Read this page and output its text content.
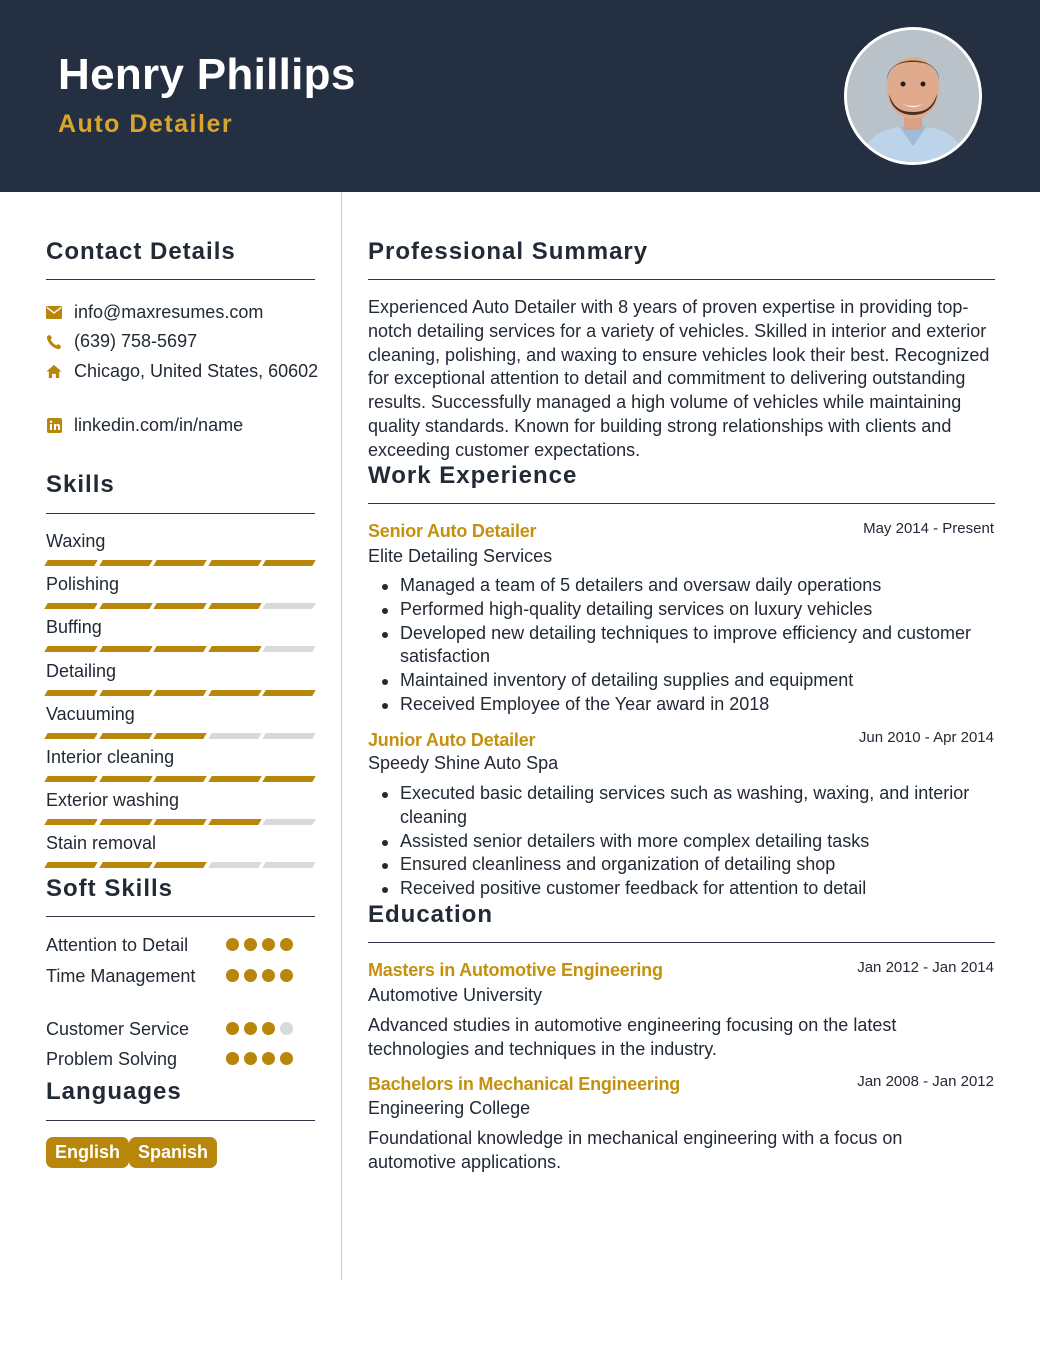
Henry Phillips
Auto Detailer
Contact Details
info@maxresumes.com
(639) 758-5697
Chicago, United States, 60602
linkedin.com/in/name
Skills
Waxing
Polishing
Buffing
Detailing
Vacuuming
Interior cleaning
Exterior washing
Stain removal
Soft Skills
Attention to Detail
Time Management
Customer Service
Problem Solving
Languages
English Spanish
Professional Summary
Experienced Auto Detailer with 8 years of proven expertise in providing top-notch detailing services for a variety of vehicles. Skilled in interior and exterior cleaning, polishing, and waxing to ensure vehicles look their best. Recognized for exceptional attention to detail and commitment to delivering outstanding results. Successfully managed a high volume of vehicles while maintaining quality standards. Known for building strong relationships with clients and exceeding customer expectations.
Work Experience
Senior Auto Detailer	May 2014 - Present
Elite Detailing Services
Managed a team of 5 detailers and oversaw daily operations
Performed high-quality detailing services on luxury vehicles
Developed new detailing techniques to improve efficiency and customer satisfaction
Maintained inventory of detailing supplies and equipment
Received Employee of the Year award in 2018
Junior Auto Detailer	Jun 2010 - Apr 2014
Speedy Shine Auto Spa
Executed basic detailing services such as washing, waxing, and interior cleaning
Assisted senior detailers with more complex detailing tasks
Ensured cleanliness and organization of detailing shop
Received positive customer feedback for attention to detail
Education
Masters in Automotive Engineering	Jan 2012 - Jan 2014
Automotive University
Advanced studies in automotive engineering focusing on the latest technologies and techniques in the industry.
Bachelors in Mechanical Engineering	Jan 2008 - Jan 2012
Engineering College
Foundational knowledge in mechanical engineering with a focus on automotive applications.
